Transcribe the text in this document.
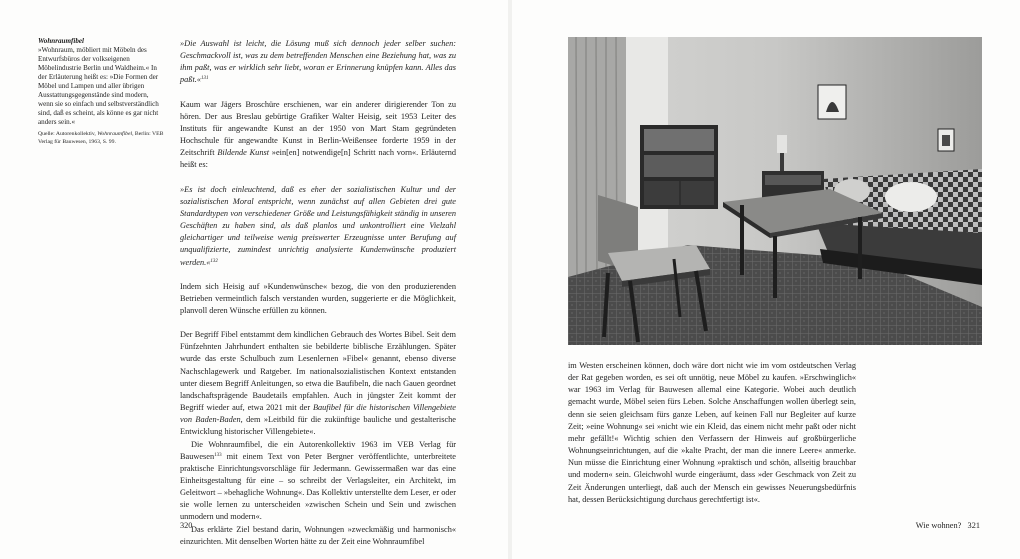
Wohnraumfibel
»Wohnraum, möbliert mit Möbeln des Entwurfsbüros der volkseigenen Möbelindustrie Berlin und Waldheim.« In der Erläuterung heißt es: »Die Formen der Möbel und Lampen und aller übrigen Ausstattungsgegenstände sind modern, wenn sie so einfach und selbstverständlich sind, daß es scheint, als könne es gar nicht anders sein.«
Quelle: Autorenkollektiv, Wohnraumfibel, Berlin: VEB Verlag für Bauwesen, 1963, S. 99.

»Die Auswahl ist leicht, die Lösung muß sich dennoch jeder selber suchen: Geschmackvoll ist, was zu dem betreffenden Menschen eine Beziehung hat, was zu ihm paßt, was er wirklich sehr liebt, woran er Erinnerung knüpfen kann. Alles das paßt.«$^{131}$

Kaum war Jägers Broschüre erschienen, war ein anderer dirigierender Ton zu hören. Der aus Breslau gebürtige Grafiker Walter Heisig, seit 1953 Leiter des Instituts für angewandte Kunst an der 1950 von Mart Stam gegründeten Hochschule für angewandte Kunst in Berlin-Weißensee forderte 1959 in der Zeitschrift Bildende Kunst »ein[en] notwendige[n] Schritt nach vorn«. Erläuternd heißt es:

»Es ist doch einleuchtend, daß es eher der sozialistischen Kultur und der sozialistischen Moral entspricht, wenn zunächst auf allen Gebieten drei gute Standardtypen von verschiedener Größe und Leistungsfähigkeit ständig in unseren Geschäften zu haben sind, als daß planlos und unkontrolliert eine Vielzahl gleichartiger und teilweise wenig preiswerter Erzeugnisse unter Berufung auf unqualifizierte, zumindest unrichtig analysierte Kundenwünsche produziert werden.«$^{132}$

Indem sich Heisig auf »Kundenwünsche« bezog, die von den produzierenden Betrieben vermeintlich falsch verstanden wurden, suggerierte er die Möglichkeit, planvoll deren Wünsche erfüllen zu können.

Der Begriff Fibel entstammt dem kindlichen Gebrauch des Wortes Bibel. Seit dem Fünfzehnten Jahrhundert enthalten sie bebilderte biblische Erzählungen. Später wurde das erste Schulbuch zum Lesenlernen »Fibel« genannt, ebenso diverse Nachschlagewerk und Ratgeber. Im nationalsozialistischen Kontext entstanden unter diesem Begriff Anleitungen, so etwa die Baufibeln, die nach Gauen geordnet landschaftsprägende Baudetails empfahlen. Auch in jüngster Zeit kommt der Begriff wieder auf, etwa 2021 mit der Baufibel für die historischen Villengebiete von Baden-Baden, dem »Leitbild für die zukünftige bauliche und gestalterische Entwicklung historischer Villengebiete«.

Die Wohnraumfibel, die ein Autorenkollektiv 1963 im VEB Verlag für Bauwesen$^{133}$ mit einem Text von Peter Bergner veröffentlichte, unterbreitete praktische Einrichtungsvorschläge für Jedermann. Gewissermaßen war das eine Einheitsgestaltung für eine – so schreibt der Verlagsleiter, ein Architekt, im Geleitwort – »behagliche Wohnung«. Das Kollektiv unterstellte dem Leser, er oder sie wolle lernen zu unterscheiden »zwischen Schein und Sein und zwischen unmodern und modern«.

Das erklärte Ziel bestand darin, Wohnungen »zweckmäßig und harmonisch« einzurichten. Mit denselben Worten hätte zu der Zeit eine Wohnraumfibel

320

im Westen erscheinen können, doch wäre dort nicht wie im vom ostdeutschen Verlag der Rat gegeben worden, es sei oft unnötig, neue Möbel zu kaufen. »Erschwinglich« war 1963 im Verlag für Bauwesen allemal eine Kategorie. Wobei auch deutlich gemacht wurde, Möbel seien fürs Leben. Solche Anschaffungen wollen überlegt sein, denn sie seien gleichsam fürs ganze Leben, auf keinen Fall nur Begleiter auf kurze Zeit; »eine Wohnung« sei »nicht wie ein Kleid, das einem nicht mehr paßt oder nicht mehr gefällt!« Wichtig schien den Verfassern der Hinweis auf großbürgerliche Wohnungseinrichtungen, auf die »kalte Pracht, der man die innere Leere« anmerke. Nun müsse die Einrichtung einer Wohnung »praktisch und schön, allseitig brauchbar und modern« sein. Gleichwohl wurde eingeräumt, dass »der Geschmack von Zeit zu Zeit Änderungen unterliegt, daß auch der Mensch ein gewisses Neuerungsbedürfnis hat, dessen Berücksichtigung durchaus gerechtfertigt ist«.

Wie wohnen? 321
